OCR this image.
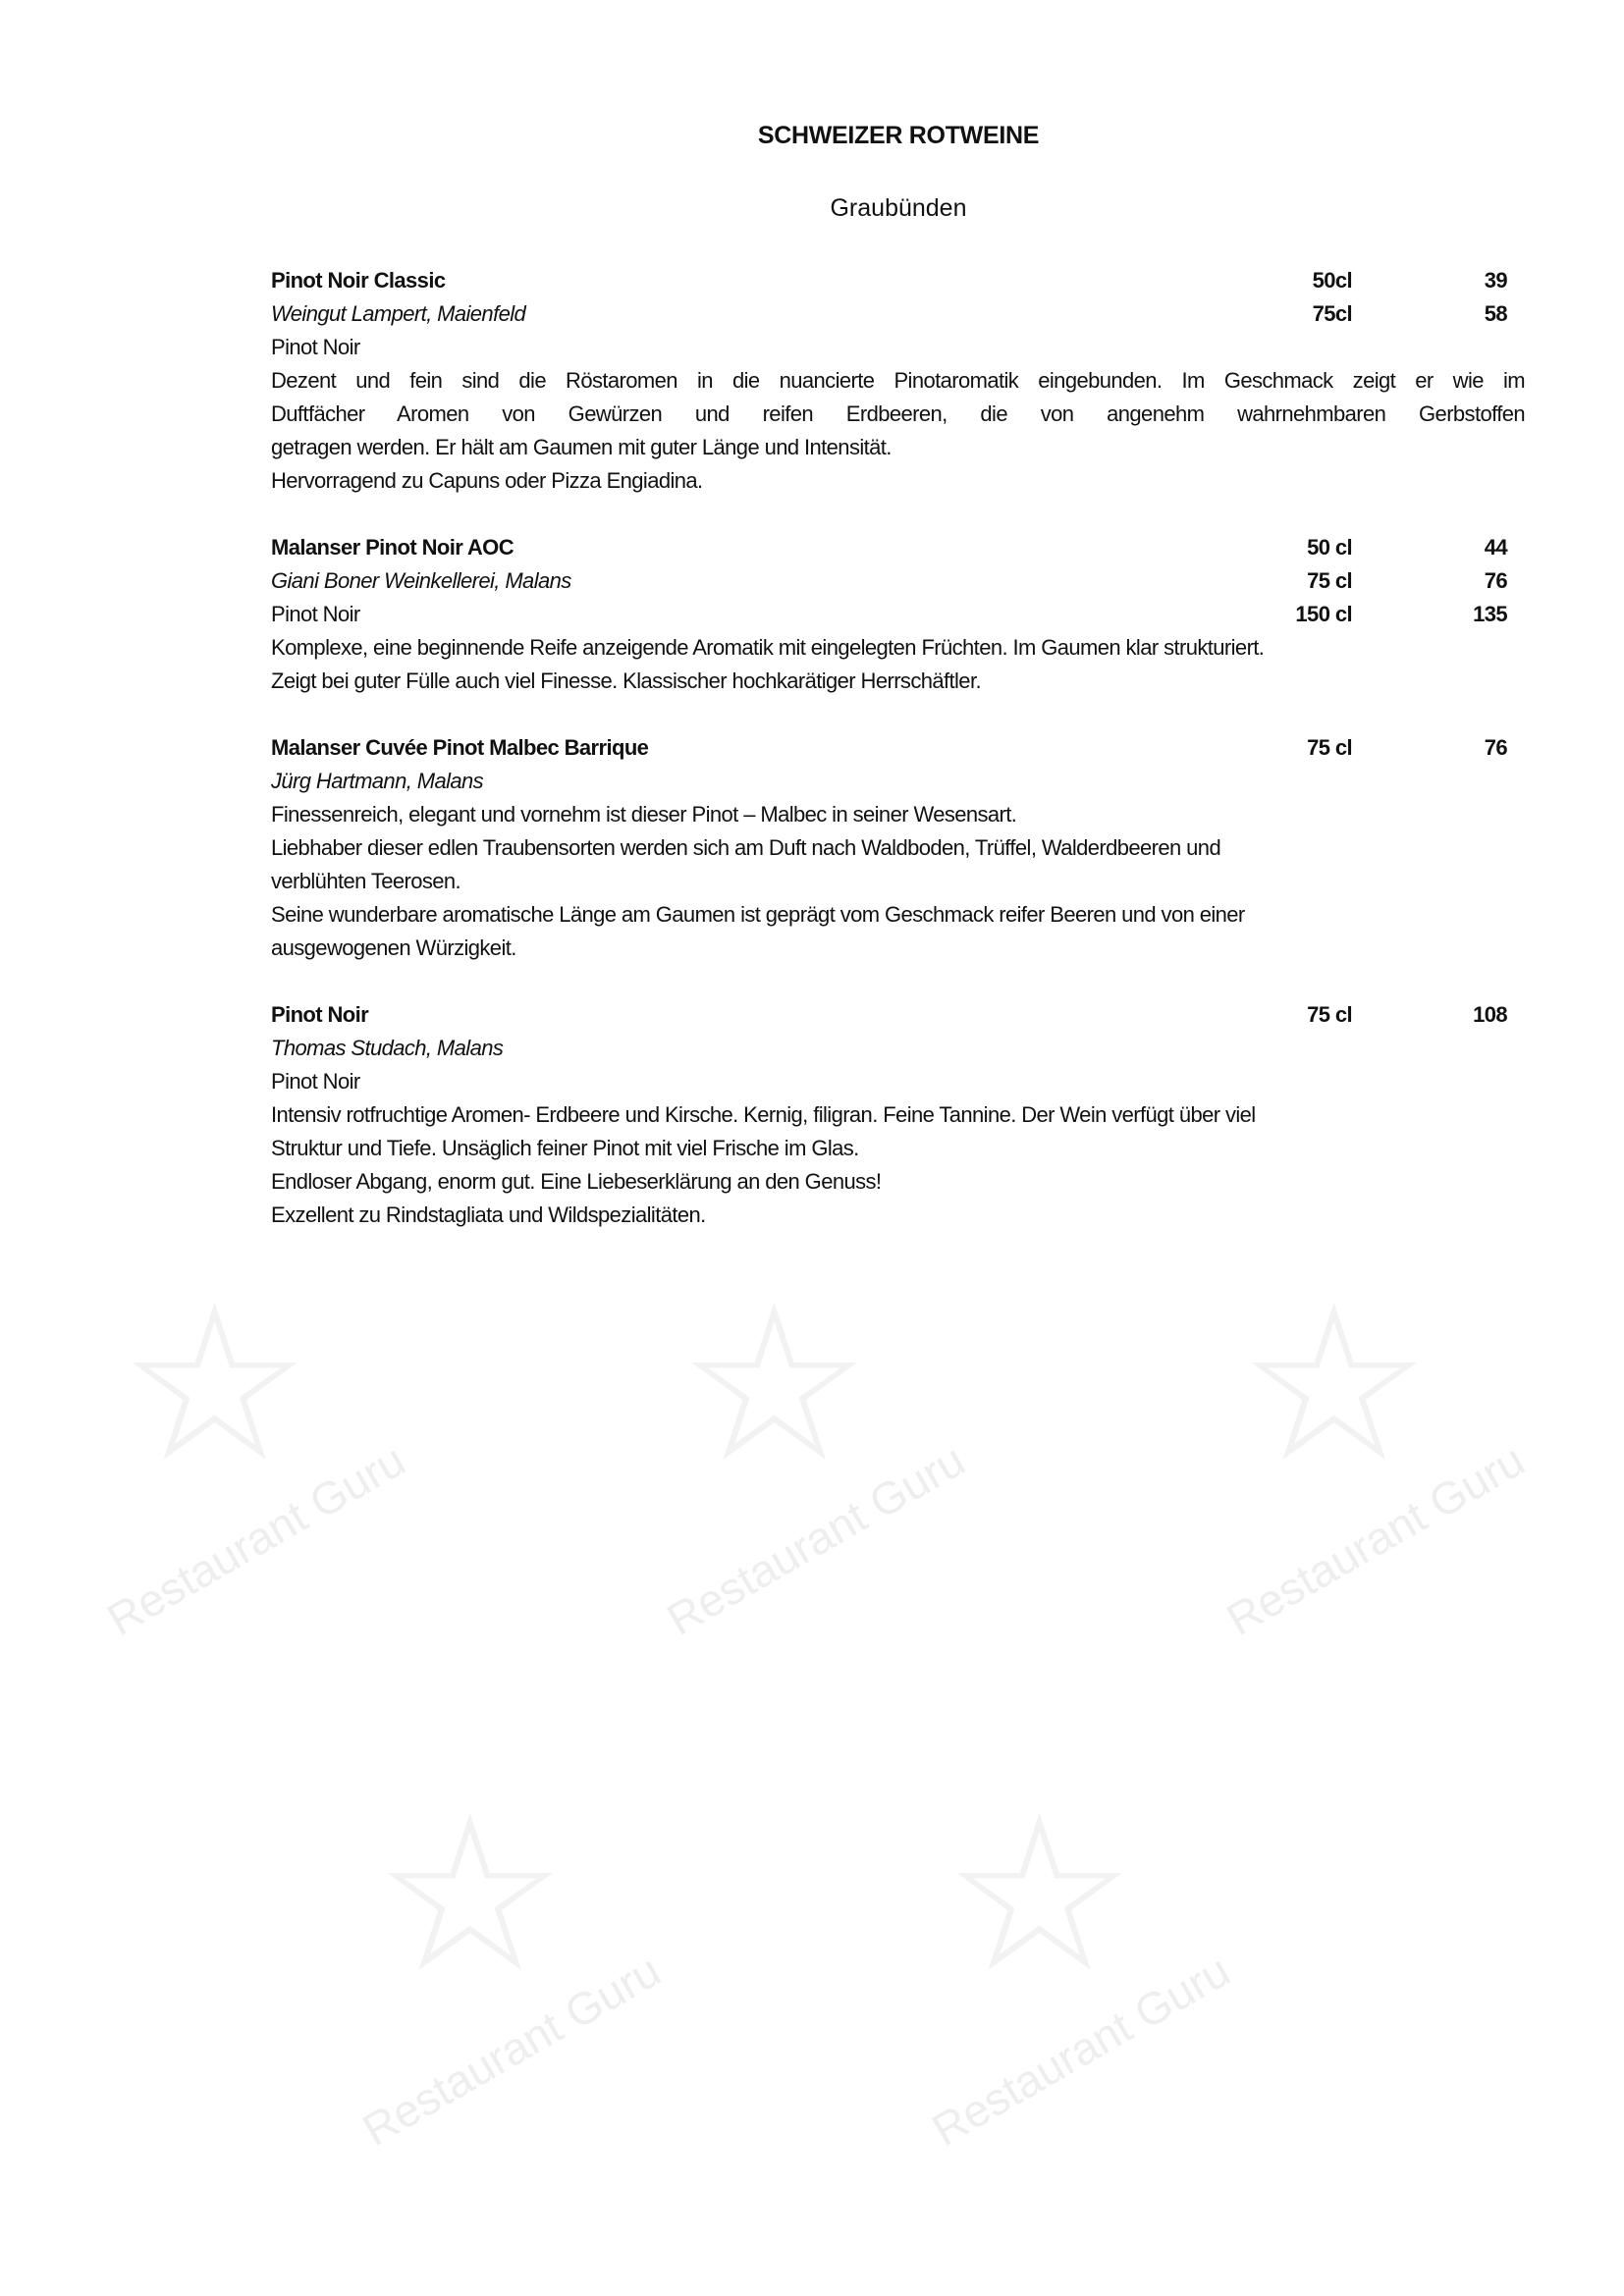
☆
Restaurant Guru
☆
Restaurant Guru
☆
Restaurant Guru
☆
Restaurant Guru
☆
Restaurant Guru
SCHWEIZER ROTWEINE
Graubünden
Pinot Noir Classic	50cl	39
Weingut Lampert, Maienfeld	75cl	58
Pinot Noir
Dezent und fein sind die Röstaromen in die nuancierte Pinotaromatik eingebunden. Im Geschmack zeigt er wie im
Duftfächer Aromen von Gewürzen und reifen Erdbeeren, die von angenehm wahrnehmbaren Gerbstoffen
getragen werden. Er hält am Gaumen mit guter Länge und Intensität.
Hervorragend zu Capuns oder Pizza Engiadina.
Malanser Pinot Noir AOC	50 cl	44
Giani Boner Weinkellerei, Malans	75 cl	76
Pinot Noir	150 cl	135
Komplexe, eine beginnende Reife anzeigende Aromatik mit eingelegten Früchten. Im Gaumen klar strukturiert.
Zeigt bei guter Fülle auch viel Finesse. Klassischer hochkarätiger Herrschäftler.
Malanser Cuvée Pinot Malbec Barrique	75 cl	76
Jürg Hartmann, Malans
Finessenreich, elegant und vornehm ist dieser Pinot – Malbec in seiner Wesensart.
Liebhaber dieser edlen Traubensorten werden sich am Duft nach Waldboden, Trüffel, Walderdbeeren und
verblühten Teerosen.
Seine wunderbare aromatische Länge am Gaumen ist geprägt vom Geschmack reifer Beeren und von einer
ausgewogenen Würzigkeit.
Pinot Noir	75 cl	108
Thomas Studach, Malans
Pinot Noir
Intensiv rotfruchtige Aromen- Erdbeere und Kirsche. Kernig, filigran. Feine Tannine. Der Wein verfügt über viel
Struktur und Tiefe. Unsäglich feiner Pinot mit viel Frische im Glas.
Endloser Abgang, enorm gut. Eine Liebeserklärung an den Genuss!
Exzellent zu Rindstagliata und Wildspezialitäten.
